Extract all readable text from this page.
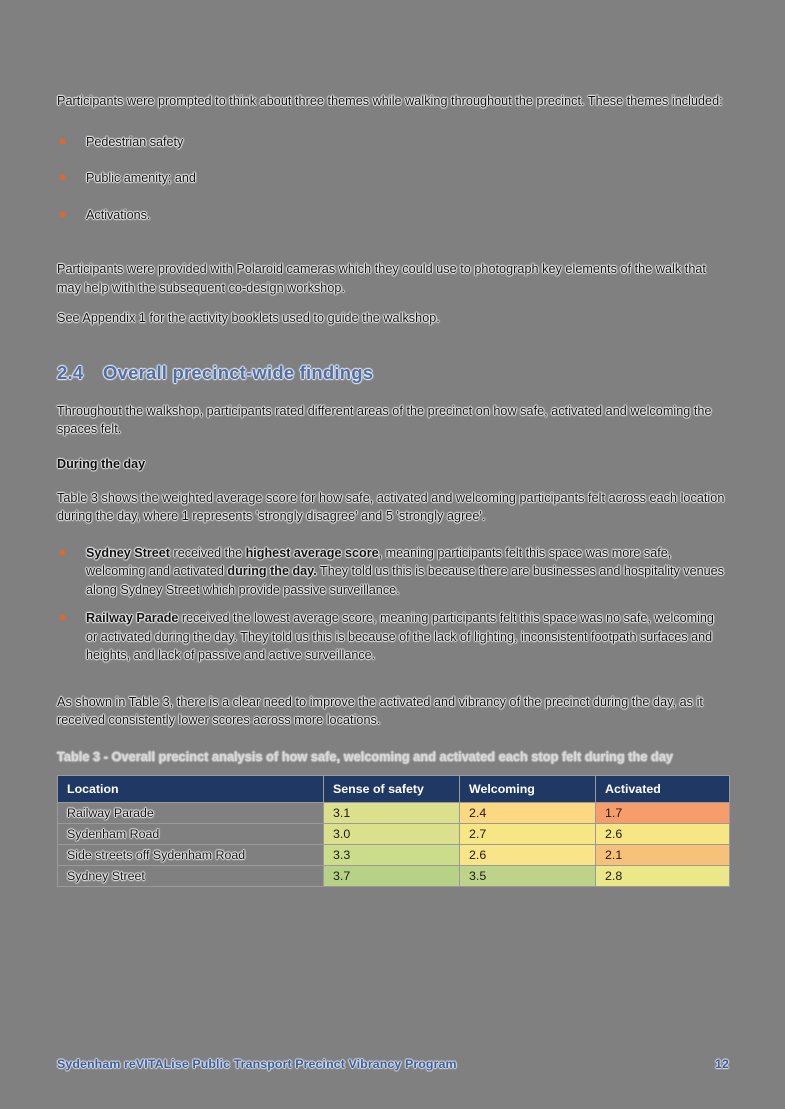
Participants were prompted to think about three themes while walking throughout the precinct. These themes included:

Pedestrian safety
Public amenity; and
Activations.

Participants were provided with Polaroid cameras which they could use to photograph key elements of the walk that may help with the subsequent co-design workshop.

See Appendix 1 for the activity booklets used to guide the walkshop.

2.4	Overall precinct-wide findings

Throughout the walkshop, participants rated different areas of the precinct on how safe, activated and welcoming the spaces felt.

During the day

Table 3 shows the weighted average score for how safe, activated and welcoming participants felt across each location during the day, where 1 represents 'strongly disagree' and 5 'strongly agree'.

Sydney Street received the highest average score, meaning participants felt this space was more safe, welcoming and activated during the day. They told us this is because there are businesses and hospitality venues along Sydney Street which provide passive surveillance.
Railway Parade received the lowest average score, meaning participants felt this space was no safe, welcoming or activated during the day. They told us this is because of the lack of lighting, inconsistent footpath surfaces and heights, and lack of passive and active surveillance.

As shown in Table 3, there is a clear need to improve the activated and vibrancy of the precinct during the day, as it received consistently lower scores across more locations.

Table 3 - Overall precinct analysis of how safe, welcoming and activated each stop felt during the day

Location	Sense of safety	Welcoming	Activated
Railway Parade	3.1	2.4	1.7
Sydenham Road	3.0	2.7	2.6
Side streets off Sydenham Road	3.3	2.6	2.1
Sydney Street	3.7	3.5	2.8
Sydenham reVITALise Public Transport Precinct Vibrancy Program	12
